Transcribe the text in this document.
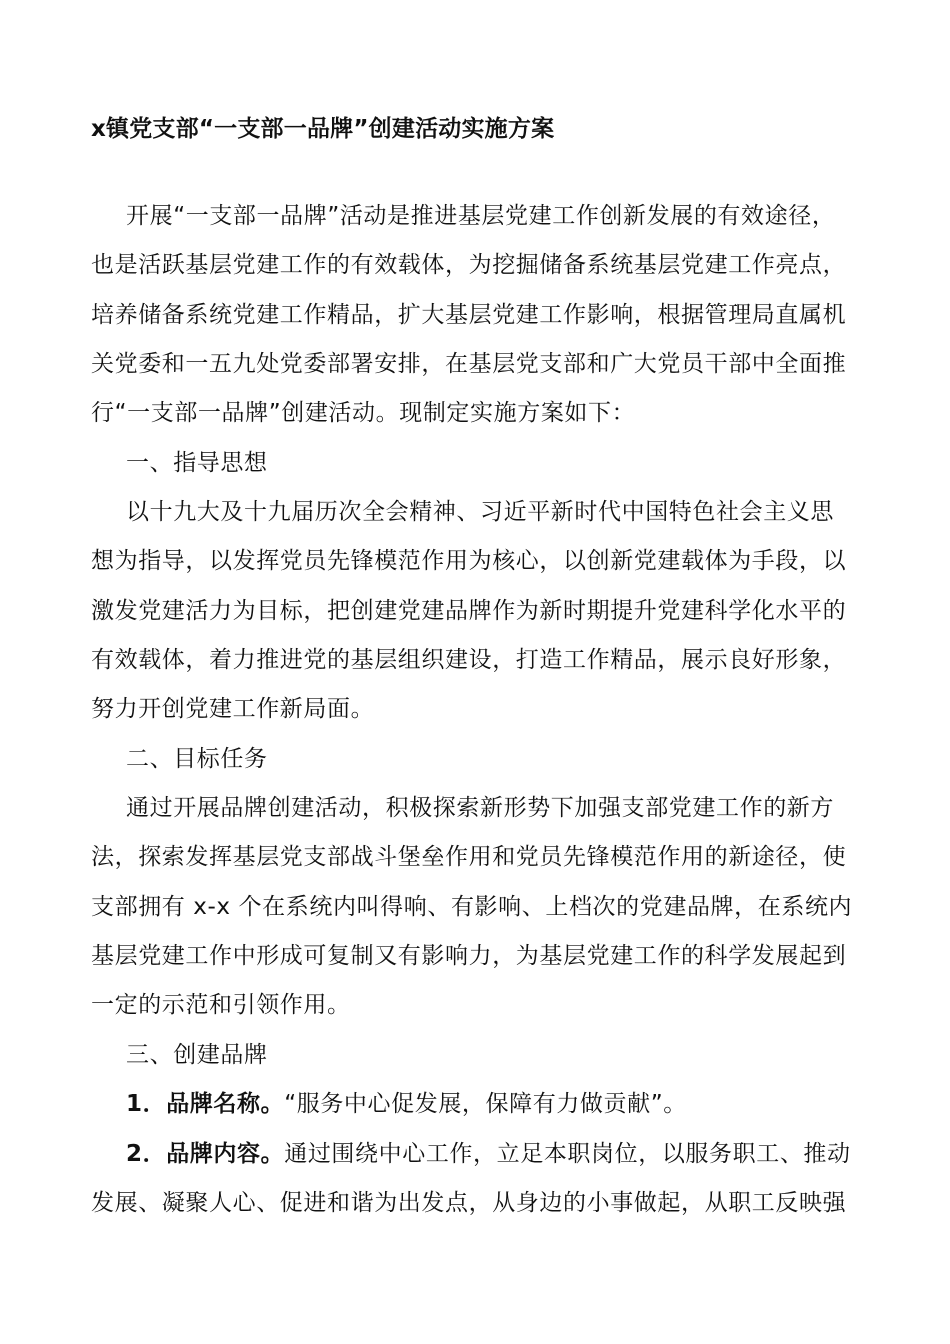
x镇党支部“一支部一品牌”创建活动实施方案
开展“一支部一品牌”活动是推进基层党建工作创新发展的有效途径，
也是活跃基层党建工作的有效载体，为挖掘储备系统基层党建工作亮点，
培养储备系统党建工作精品，扩大基层党建工作影响，根据管理局直属机
关党委和一五九处党委部署安排，在基层党支部和广大党员干部中全面推
行“一支部一品牌”创建活动。现制定实施方案如下：
一、指导思想
以十九大及十九届历次全会精神、习近平新时代中国特色社会主义思
想为指导，以发挥党员先锋模范作用为核心，以创新党建载体为手段，以
激发党建活力为目标，把创建党建品牌作为新时期提升党建科学化水平的
有效载体，着力推进党的基层组织建设，打造工作精品，展示良好形象，
努力开创党建工作新局面。
二、目标任务
通过开展品牌创建活动，积极探索新形势下加强支部党建工作的新方
法，探索发挥基层党支部战斗堡垒作用和党员先锋模范作用的新途径，使
支部拥有 x-x 个在系统内叫得响、有影响、上档次的党建品牌，在系统内
基层党建工作中形成可复制又有影响力，为基层党建工作的科学发展起到
一定的示范和引领作用。
三、创建品牌
1．品牌名称。“服务中心促发展，保障有力做贡献”。
2．品牌内容。通过围绕中心工作，立足本职岗位，以服务职工、推动
发展、凝聚人心、促进和谐为出发点，从身边的小事做起，从职工反映强
